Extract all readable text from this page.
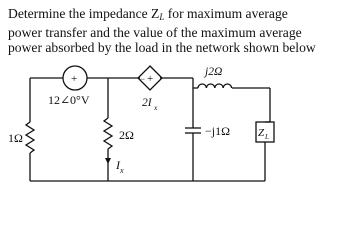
Determine the impedance $Z_L$ for maximum average
power transfer and the value of the maximum average
power absorbed by the load in the network shown below
+	− +
j2Ω
12∠0°V	2I x
1Ω	2Ω	−j1Ω	Z L
I x
